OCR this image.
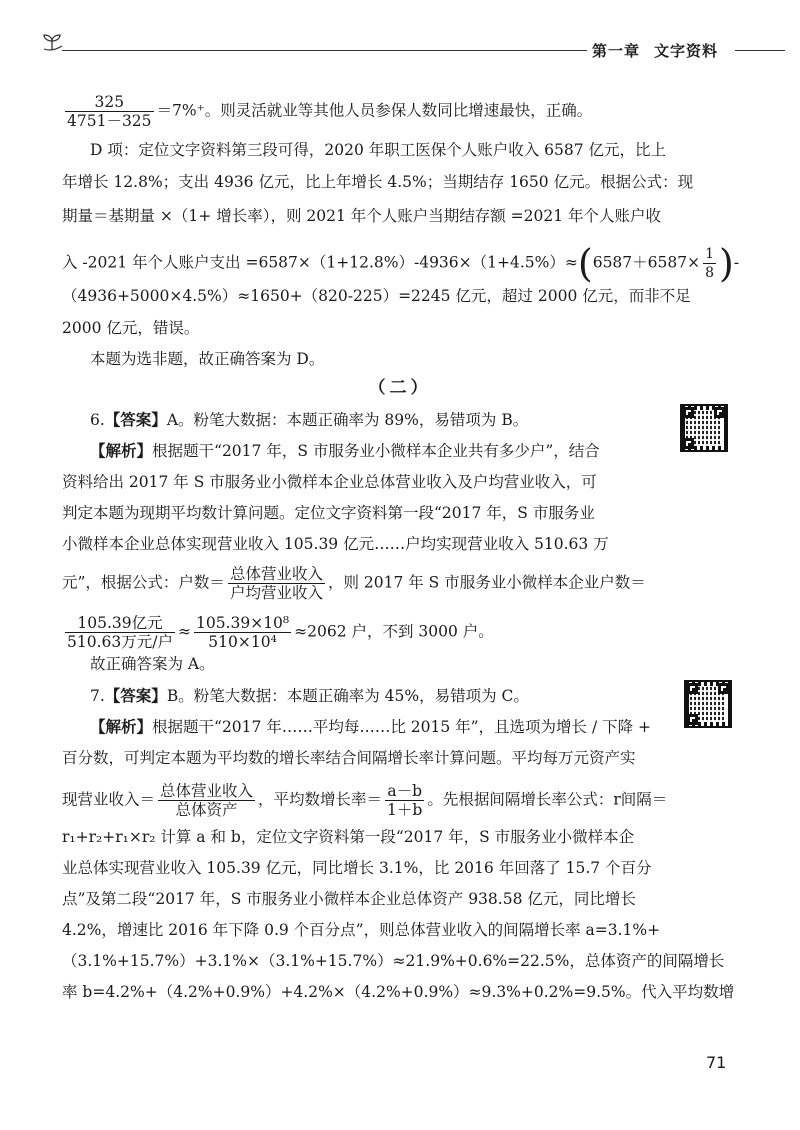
第一章 文字资料
$\frac{325}{4751-325} =7\%^+$。则灵活就业等其他人员参保人数同比增速最快，正确。
D 项：定位文字资料第三段可得，2020 年职工医保个人账户收入 6587 亿元，比上
年增长 12.8%；支出 4936 亿元，比上年增长 4.5%；当期结存 1650 亿元。根据公式：现
期量＝基期量 ×（1+ 增长率），则 2021 年个人账户当期结存额 =2021 年个人账户收
入 -2021 年个人账户支出 $=6587\times(1+12.8\%)-4936\times(1+4.5\%)\approx(6587+6587\times \frac{1}{8}$ )-
（4936+5000×4.5%）≈1650+（820-225）=2245 亿元，超过 2000 亿元，而非不足
2000 亿元，错误。
本题为选非题，故正确答案为 D。
（二）
6.【答案】A。粉笔大数据：本题正确率为 89%，易错项为 B。
【解析】根据题干“2017 年，S 市服务业小微样本企业共有多少户”，结合
资料给出 2017 年 S 市服务业小微样本企业总体营业收入及户均营业收入，可
判定本题为现期平均数计算问题。定位文字资料第一段“2017 年，S 市服务业
小微样本企业总体实现营业收入 105.39 亿元……户均实现营业收入 510.63 万
元”，根据公式：户数＝ $\frac{\text{总体营业收入}}{\text{户均营业收入}}$ ，则 2017 年 S 市服务业小微样本企业户数＝
$\frac{\text{105.39亿元}}{\text{510.63万元/户}} \approx \frac{\text{105.39×10⁸}}{\text{510×10⁴}} \approx 2062$ 户，不到 3000 户。
故正确答案为 A。
7.【答案】B。粉笔大数据：本题正确率为 45%，易错项为 C。
【解析】根据题干“2017 年……平均每……比 2015 年”，且选项为增长 / 下降 +
百分数，可判定本题为平均数的增长率结合间隔增长率计算问题。平均每万元资产实
现营业收入＝ $\frac{\text{总体营业收入}}{\text{总体资产}}$ ，平均数增长率＝ $\frac{a-b}{1+b}$ 。先根据间隔增长率公式：r间隔＝
r₁+r₂+r₁×r₂ 计算 a 和 b，定位文字资料第一段“2017 年，S 市服务业小微样本企
业总体实现营业收入 105.39 亿元，同比增长 3.1%，比 2016 年回落了 15.7 个百分
点”及第二段“2017 年，S 市服务业小微样本企业总体资产 938.58 亿元，同比增长
4.2%，增速比 2016 年下降 0.9 个百分点”，则总体营业收入的间隔增长率 a=3.1%+
（3.1%+15.7%）+3.1%×（3.1%+15.7%）≈21.9%+0.6%=22.5%，总体资产的间隔增长
率 b=4.2%+（4.2%+0.9%）+4.2%×（4.2%+0.9%）≈9.3%+0.2%=9.5%。代入平均数增
71
